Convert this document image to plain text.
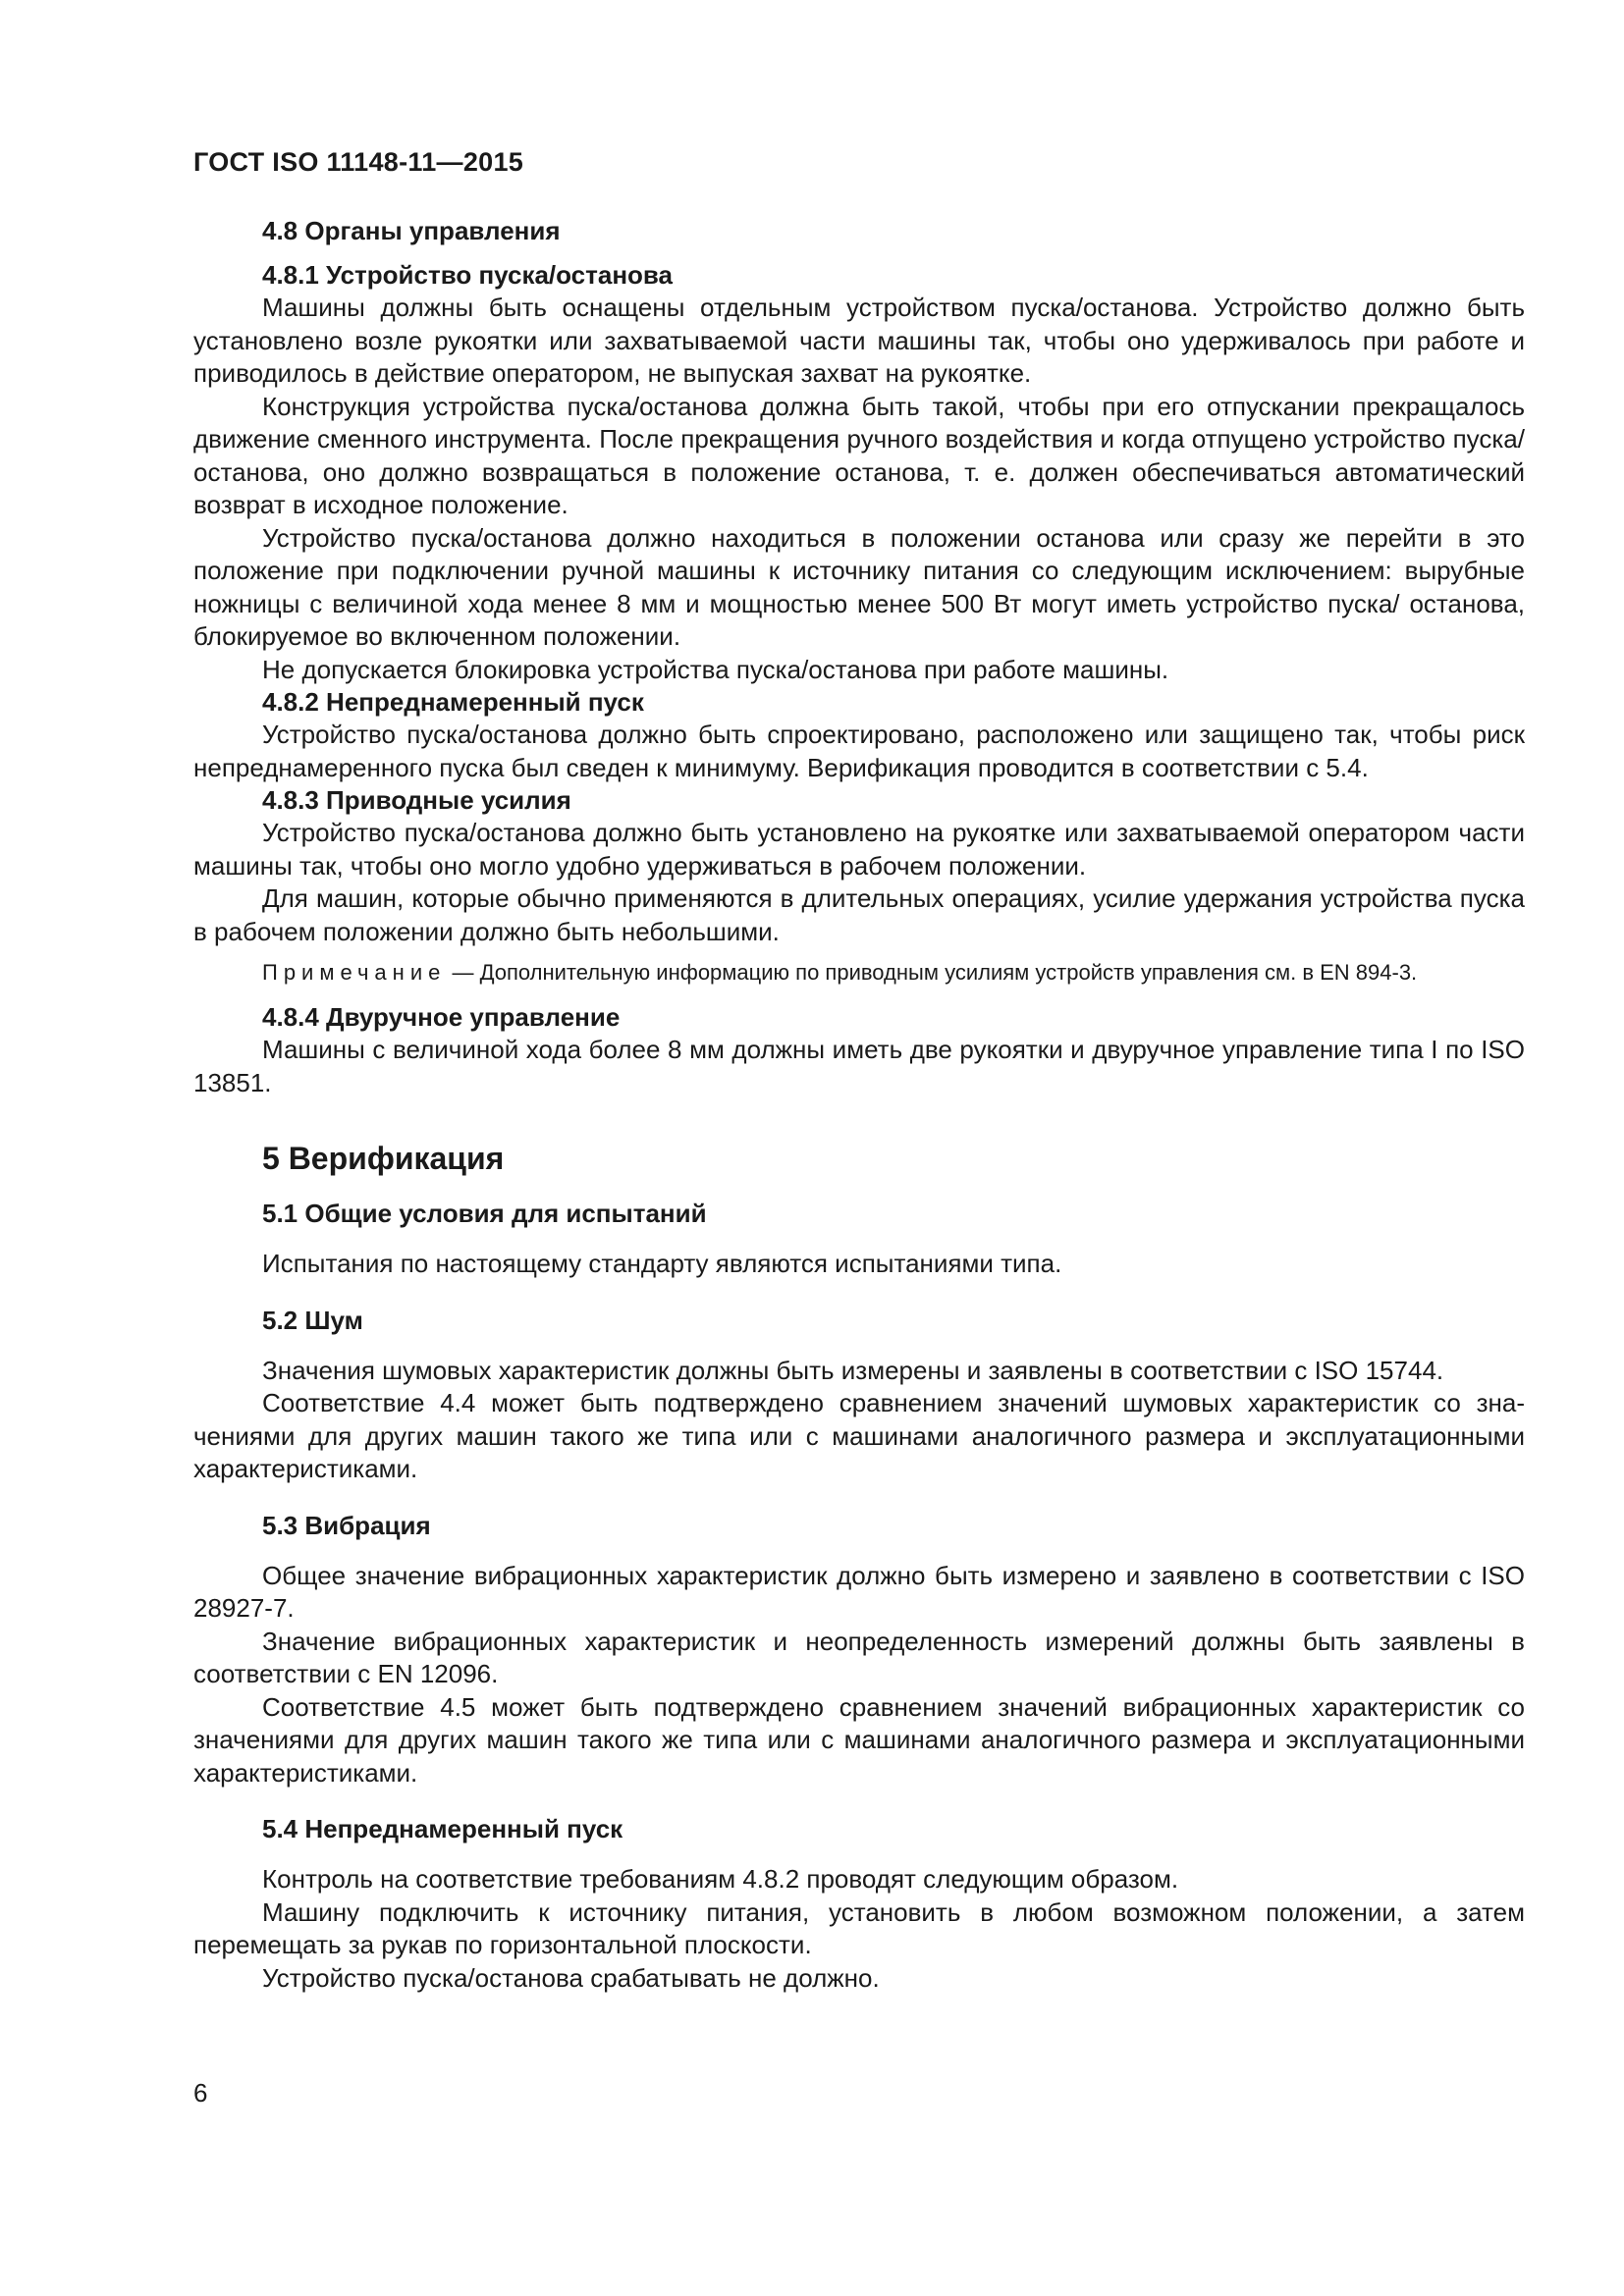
ГОСТ ISO 11148-11—2015
4.8 Органы управления
4.8.1 Устройство пуска/останова

Машины должны быть оснащены отдельным устройством пуска/останова. Устройство должно быть установлено возле рукоятки или захватываемой части машины так, чтобы оно удерживалось при работе и приводилось в действие оператором, не выпуская захват на рукоятке.

Конструкция устройства пуска/останова должна быть такой, чтобы при его отпускании прекращалось движение сменного инструмента. После прекращения ручного воздействия и когда отпущено устройство пуска/останова, оно должно возвращаться в положение останова, т. е. должен обеспечиваться автоматический возврат в исходное положение.

Устройство пуска/останова должно находиться в положении останова или сразу же перейти в это положение при подключении ручной машины к источнику питания со следующим исключением: вырубные ножницы с величиной хода менее 8 мм и мощностью менее 500 Вт могут иметь устройство пуска/ останова, блокируемое во включенном положении.

Не допускается блокировка устройства пуска/останова при работе машины.

4.8.2 Непреднамеренный пуск

Устройство пуска/останова должно быть спроектировано, расположено или защищено так, чтобы риск непреднамеренного пуска был сведен к минимуму. Верификация проводится в соответствии с 5.4.

4.8.3 Приводные усилия

Устройство пуска/останова должно быть установлено на рукоятке или захватываемой оператором части машины так, чтобы оно могло удобно удерживаться в рабочем положении.

Для машин, которые обычно применяются в длительных операциях, усилие удержания устройства пуска в рабочем положении должно быть небольшими.

Примечание — Дополнительную информацию по приводным усилиям устройств управления см. в EN 894-3.
4.8.4 Двуручное управление

Машины с величиной хода более 8 мм должны иметь две рукоятки и двуручное управление типа I по ISO 13851.

5 Верификация
5.1 Общие условия для испытаний

Испытания по настоящему стандарту являются испытаниями типа.

5.2 Шум

Значения шумовых характеристик должны быть измерены и заявлены в соответствии с ISO 15744.

Соответствие 4.4 может быть подтверждено сравнением значений шумовых характеристик со значениями для других машин такого же типа или с машинами аналогичного размера и эксплуатационными характеристиками.

5.3 Вибрация

Общее значение вибрационных характеристик должно быть измерено и заявлено в соответствии с ISO 28927-7.

Значение вибрационных характеристик и неопределенность измерений должны быть заявлены в соответствии с EN 12096.

Соответствие 4.5 может быть подтверждено сравнением значений вибрационных характеристик со значениями для других машин такого же типа или с машинами аналогичного размера и эксплуатационными характеристиками.

5.4 Непреднамеренный пуск

Контроль на соответствие требованиям 4.8.2 проводят следующим образом.

Машину подключить к источнику питания, установить в любом возможном положении, а затем перемещать за рукав по горизонтальной плоскости.

Устройство пуска/останова срабатывать не должно.

6
